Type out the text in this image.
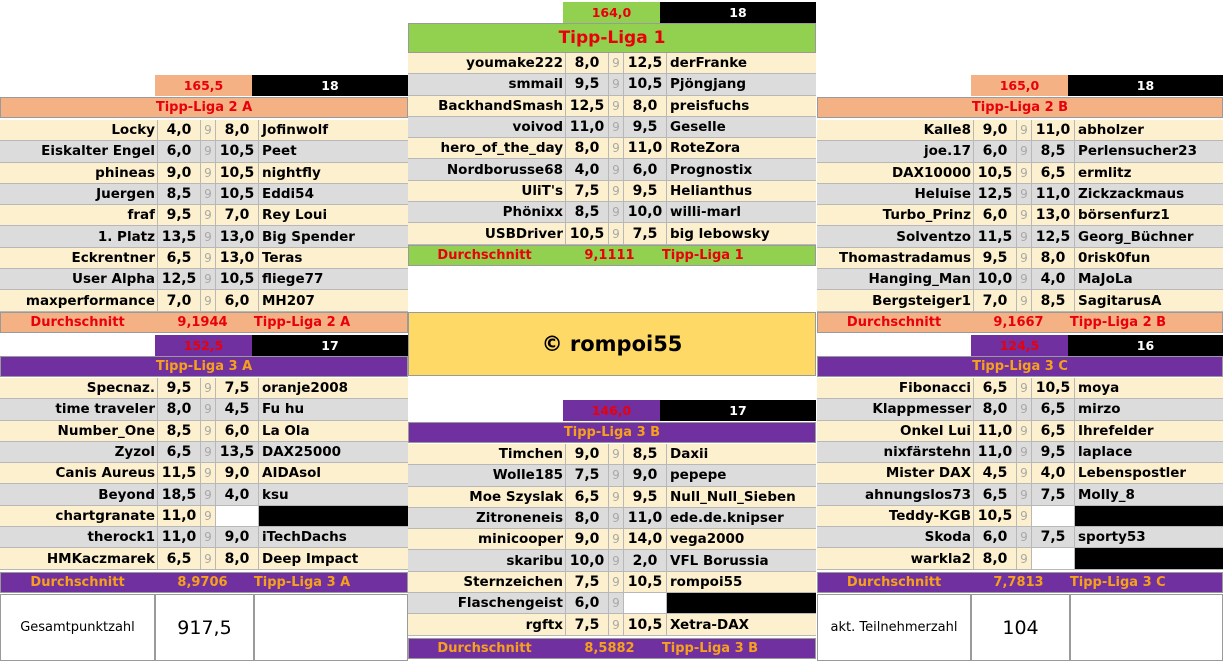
164,0	18
Tipp-Liga 1
youmake222 8,0	9 12,5 derFranke
smmail 9,5	9 10,5 Pjöngjang
BackhandSmash 12,5 9 8,0 preisfuchs
voivod 11,0 9 9,5 Geselle
hero_of_the_day 8,0	9 11,0 RoteZora
Nordborusse68 4,0	9 6,0 Prognostix
UliT's 7,5	9 9,5 Helianthus
Phönixx 8,5	9 10,0 willi-marl
USBDriver 10,5 9 7,5 big lebowsky
Durchschnitt	9,1111	Tipp-Liga 1
165,5	18
Tipp-Liga 2 A
Locky 4,0	9 8,0 Jofinwolf
Eiskalter Engel 6,0	9 10,5 Peet
phineas 9,0	9 10,5 nightfly
Juergen 8,5	9 10,5 Eddi54
fraf 9,5	9 7,0 Rey Loui
1. Platz 13,5 9 13,0 Big Spender
Eckrentner 6,5	9 13,0 Teras
User Alpha 12,5 9 10,5 fliege77
maxperformance 7,0	9 6,0 MH207
Durchschnitt	9,1944	Tipp-Liga 2 A
165,0	18
Tipp-Liga 2 B
Kalle8 9,0	9 11,0 abholzer
joe.17 6,0	9 8,5 Perlensucher23
DAX10000 10,5 9 6,5 ermlitz
Heluise 12,5 9 11,0 Zickzackmaus
Turbo_Prinz 6,0	9 13,0 börsenfurz1
Solventzo 11,5 9 12,5 Georg_Büchner
Thomastradamus 9,5	9 8,0 0risk0fun
Hanging_Man 10,0 9 4,0 MaJoLa
Bergsteiger1 7,0	9 8,5 SagitarusA
Durchschnitt	9,1667	Tipp-Liga 2 B
© rompoi55
152,5	17
Tipp-Liga 3 A
Specnaz. 9,5	9 7,5 oranje2008
time traveler 8,0	9 4,5 Fu hu
Number_One 8,5	9 6,0 La Ola
Zyzol 6,5	9 13,5 DAX25000
Canis Aureus 11,5 9 9,0 AIDAsol
Beyond 18,5 9 4,0 ksu
chartgranate 11,0 9
therock1 11,0 9 9,0 iTechDachs
HMKaczmarek 6,5	9 8,0 Deep Impact
Durchschnitt	8,9706	Tipp-Liga 3 A
146,0	17
Tipp-Liga 3 B
Timchen 9,0	9 8,5 Daxii
Wolle185 7,5	9 9,0 pepepe
Moe Szyslak 6,5	9 9,5 Null_Null_Sieben
Zitroneneis 8,0	9 11,0 ede.de.knipser
minicooper 9,0	9 14,0 vega2000
skaribu 10,0 9 2,0 VFL Borussia
Sternzeichen 7,5	9 10,5 rompoi55
Flaschengeist 6,0	9
rgftx 7,5	9 10,5 Xetra-DAX
Durchschnitt	8,5882	Tipp-Liga 3 B
124,5	16
Tipp-Liga 3 C
Fibonacci 6,5	9 10,5 moya
Klappmesser 8,0	9 6,5 mirzo
Onkel Lui 11,0 9 6,5 Ihrefelder
nixfärstehn 11,0 9 9,5 laplace
Mister DAX 4,5	9 4,0 Lebenspostler
ahnungslos73 6,5	9 7,5 Molly_8
Teddy-KGB 10,5 9
Skoda 6,0	9 7,5 sporty53
warkla2 8,0	9
Durchschnitt	7,7813	Tipp-Liga 3 C
Gesamtpunktzahl	917,5	akt. Teilnehmerzahl	104
